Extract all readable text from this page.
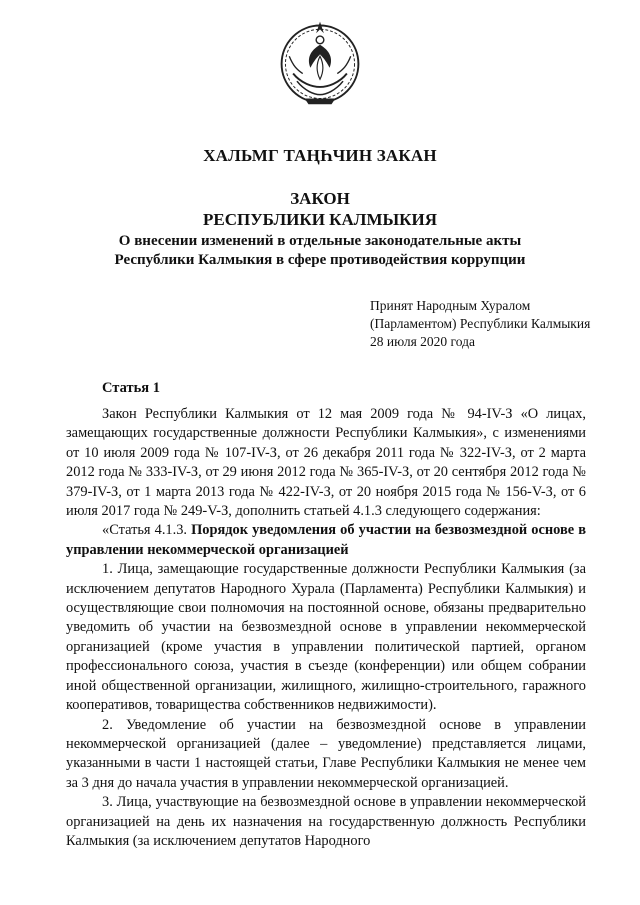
ХАЛЬМГ ТАҢҺЧИН ЗАКАН
ЗАКОН
РЕСПУБЛИКИ КАЛМЫКИЯ
О внесении изменений в отдельные законодательные акты
Республики Калмыкия в сфере противодействия коррупции
Принят Народным Хуралом
(Парламентом) Республики Калмыкия
28 июля 2020 года
Статья 1

Закон Республики Калмыкия от 12 мая 2009 года № 94-IV-З «О лицах, замещающих государственные должности Республики Калмыкия», с изменениями от 10 июля 2009 года № 107-IV-З, от 26 декабря 2011 года № 322-IV-З, от 2 марта 2012 года № 333-IV-З, от 29 июня 2012 года № 365-IV-З, от 20 сентября 2012 года № 379-IV-З, от 1 марта 2013 года № 422-IV-З, от 20 ноября 2015 года № 156-V-З, от 6 июля 2017 года № 249-V-З, дополнить статьей 4.1.3 следующего содержания:

«Статья 4.1.3. Порядок уведомления об участии на безвозмездной основе в управлении некоммерческой организацией

1. Лица, замещающие государственные должности Республики Калмыкия (за исключением депутатов Народного Хурала (Парламента) Республики Калмыкия) и осуществляющие свои полномочия на постоянной основе, обязаны предварительно уведомить об участии на безвозмездной основе в управлении некоммерческой организацией (кроме участия в управлении политической партией, органом профессионального союза, участия в съезде (конференции) или общем собрании иной общественной организации, жилищного, жилищно-строительного, гаражного кооперативов, товарищества собственников недвижимости).

2. Уведомление об участии на безвозмездной основе в управлении некоммерческой организацией (далее – уведомление) представляется лицами, указанными в части 1 настоящей статьи, Главе Республики Калмыкия не менее чем за 3 дня до начала участия в управлении некоммерческой организацией.

3. Лица, участвующие на безвозмездной основе в управлении некоммерческой организацией на день их назначения на государственную должность Республики Калмыкия (за исключением депутатов Народного
